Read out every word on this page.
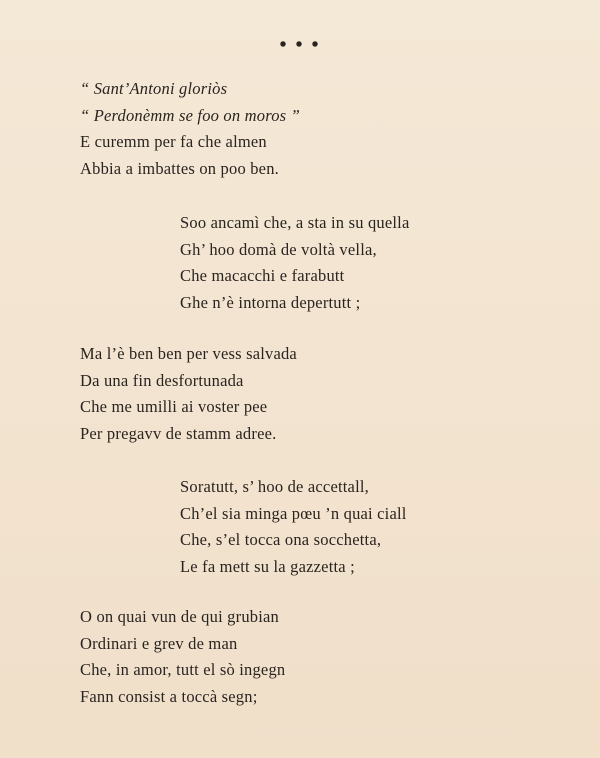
• • •
“ Sant’Antoni gloriòs
“ Perdonèmm se foo on moros ”
E curemm per fa che almen
Abbia a imbattes on poo ben.
Soo ancamì che, a sta in su quella
Gh’ hoo domà de voltà vella,
Che macacchi e farabutt
Ghe n’è intorna depertutt ;
Ma l’è ben ben per vess salvada
Da una fin desfortunada
Che me umilli ai voster pee
Per pregavv de stamm adree.
Soratutt, s’ hoo de accettall,
Ch’el sia minga pœu ’n quai ciall
Che, s’el tocca ona socchetta,
Le fa mett su la gazzetta ;
O on quai vun de qui grubian
Ordinari e grev de man
Che, in amor, tutt el sò ingegn
Fann consist a toccà segn;
